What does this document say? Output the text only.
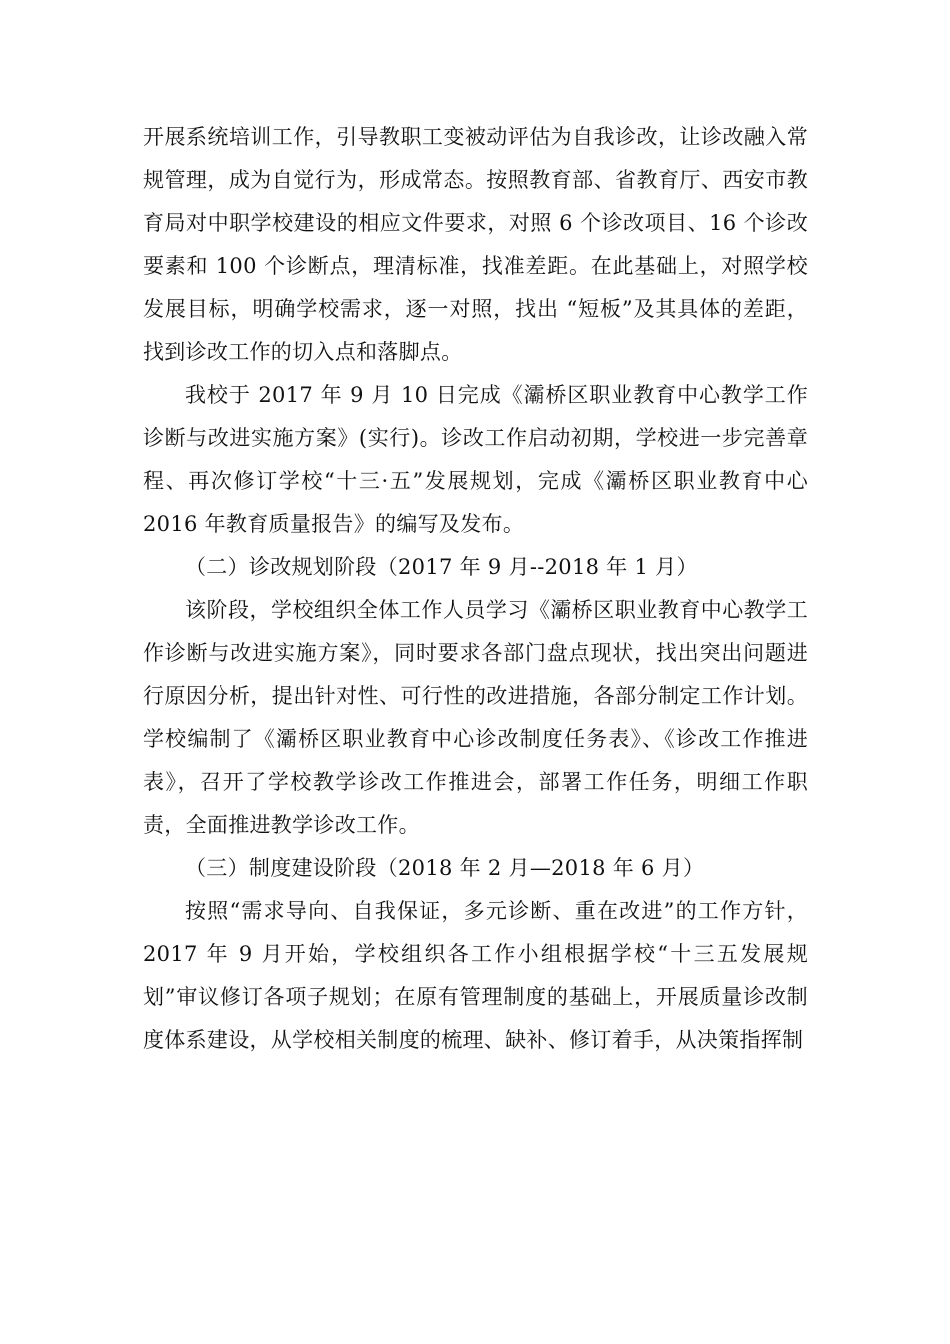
开展系统培训工作，引导教职工变被动评估为自我诊改，让诊改融入常规管理，成为自觉行为，形成常态。按照教育部、省教育厅、西安市教育局对中职学校建设的相应文件要求，对照 6 个诊改项目、16 个诊改要素和 100 个诊断点，理清标准，找准差距。在此基础上，对照学校发展目标，明确学校需求，逐一对照，找出 “短板”及其具体的差距，找到诊改工作的切入点和落脚点。

我校于 2017 年 9 月 10 日完成《灞桥区职业教育中心教学工作诊断与改进实施方案》(实行)。诊改工作启动初期，学校进一步完善章程、再次修订学校“十三·五”发展规划，完成《灞桥区职业教育中心 2016 年教育质量报告》的编写及发布。

（二）诊改规划阶段（2017 年 9 月--2018 年 1 月）

该阶段，学校组织全体工作人员学习《灞桥区职业教育中心教学工作诊断与改进实施方案》，同时要求各部门盘点现状，找出突出问题进行原因分析，提出针对性、可行性的改进措施，各部分制定工作计划。学校编制了《灞桥区职业教育中心诊改制度任务表》、《诊改工作推进表》，召开了学校教学诊改工作推进会，部署工作任务，明细工作职责，全面推进教学诊改工作。

（三）制度建设阶段（2018 年 2 月—2018 年 6 月）

按照“需求导向、自我保证，多元诊断、重在改进”的工作方针，2017 年 9 月开始，学校组织各工作小组根据学校“十三五发展规划”审议修订各项子规划；在原有管理制度的基础上，开展质量诊改制度体系建设，从学校相关制度的梳理、缺补、修订着手，从决策指挥制
